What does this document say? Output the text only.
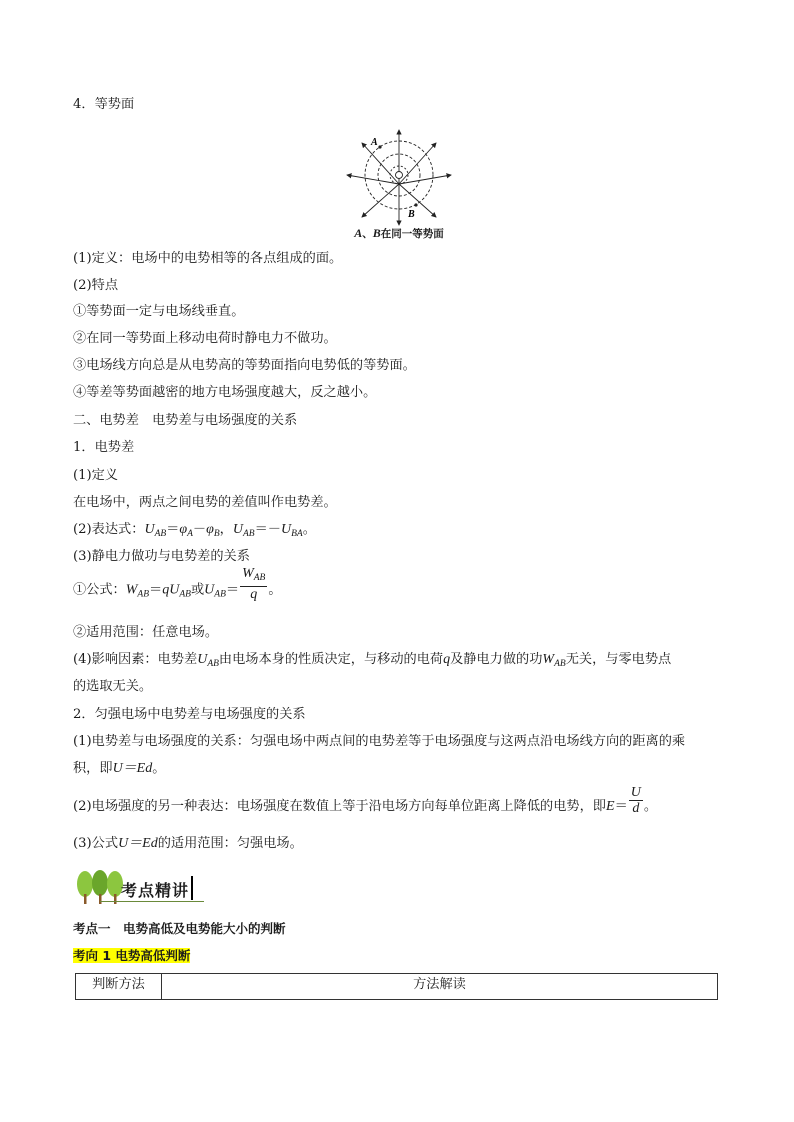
4．等势面
A
B
A、B在同一等势面
(1)定义：电场中的电势相等的各点组成的面。
(2)特点
①等势面一定与电场线垂直。
②在同一等势面上移动电荷时静电力不做功。
③电场线方向总是从电势高的等势面指向电势低的等势面。
④等差等势面越密的地方电场强度越大，反之越小。
二、电势差　电势差与电场强度的关系
1．电势差
(1)定义
在电场中，两点之间电势的差值叫作电势差。
(2)表达式：$U_{AB}=\varphi_A-\varphi_B$，$U_{AB}=-U_{BA}$。
(3)静电力做功与电势差的关系
①公式：$W_{AB}=qU_{AB}$或$U_{AB}= \frac{W_{AB}}{q}$ 。
②适用范围：任意电场。
(4)影响因素：电势差$U_{AB}$由电场本身的性质决定，与移动的电荷q及静电力做的功$W_{AB}$无关，与零电势点
的选取无关。
2．匀强电场中电势差与电场强度的关系
(1)电势差与电场强度的关系：匀强电场中两点间的电势差等于电场强度与这两点沿电场线方向的距离的乘
积，即U＝Ed。
(2)电场强度的另一种表达：电场强度在数值上等于沿电场方向每单位距离上降低的电势，即$E= \frac{U}{d}$ 。
(3)公式U＝Ed的适用范围：匀强电场。
考点精讲
考点一　电势高低及电势能大小的判断
考向 1 电势高低判断
判断方法	方法解读
